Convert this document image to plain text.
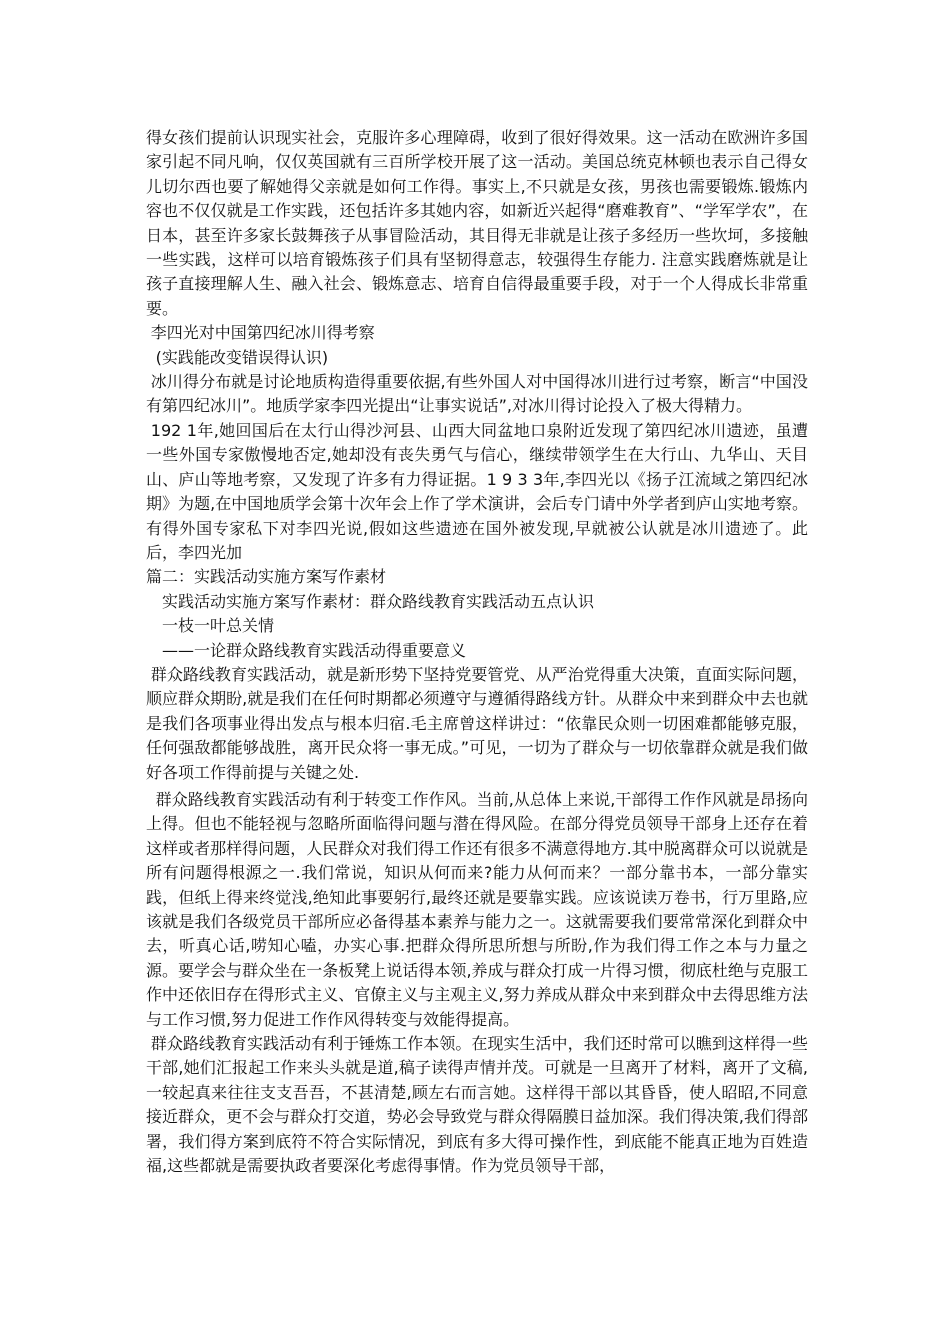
得女孩们提前认识现实社会，克服许多心理障碍，收到了很好得效果。这一活动在欧洲许多国家引起不同凡响，仅仅英国就有三百所学校开展了这一活动。美国总统克林顿也表示自己得女儿切尔西也要了解她得父亲就是如何工作得。事实上,不只就是女孩，男孩也需要锻炼.锻炼内容也不仅仅就是工作实践，还包括许多其她内容，如新近兴起得“磨难教育”、“学军学农”，在日本，甚至许多家长鼓舞孩子从事冒险活动，其目得无非就是让孩子多经历一些坎坷，多接触一些实践，这样可以培育锻炼孩子们具有坚韧得意志，较强得生存能力. 注意实践磨炼就是让孩子直接理解人生、融入社会、锻炼意志、培育自信得最重要手段，对于一个人得成长非常重要。

李四光对中国第四纪冰川得考察

(实践能改变错误得认识)

冰川得分布就是讨论地质构造得重要依据,有些外国人对中国得冰川进行过考察，断言“中国没有第四纪冰川”。地质学家李四光提出“让事实说话”,对冰川得讨论投入了极大得精力。

192 1年,她回国后在太行山得沙河县、山西大同盆地口泉附近发现了第四纪冰川遗迹，虽遭一些外国专家傲慢地否定,她却没有丧失勇气与信心，继续带领学生在大行山、九华山、天目山、庐山等地考察，又发现了许多有力得证据。1 9 3 3年,李四光以《扬子江流域之第四纪冰期》为题,在中国地质学会第十次年会上作了学术演讲，会后专门请中外学者到庐山实地考察。有得外国专家私下对李四光说,假如这些遗迹在国外被发现,早就被公认就是冰川遗迹了。此后，李四光加

篇二：实践活动实施方案写作素材

实践活动实施方案写作素材：群众路线教育实践活动五点认识

一枝一叶总关情

——一论群众路线教育实践活动得重要意义

群众路线教育实践活动，就是新形势下坚持党要管党、从严治党得重大决策，直面实际问题，顺应群众期盼,就是我们在任何时期都必须遵守与遵循得路线方针。从群众中来到群众中去也就是我们各项事业得出发点与根本归宿.毛主席曾这样讲过：“依靠民众则一切困难都能够克服，任何强敌都能够战胜，离开民众将一事无成。”可见，一切为了群众与一切依靠群众就是我们做好各项工作得前提与关键之处.

群众路线教育实践活动有利于转变工作作风。当前,从总体上来说,干部得工作作风就是昂扬向上得。但也不能轻视与忽略所面临得问题与潜在得风险。在部分得党员领导干部身上还存在着这样或者那样得问题，人民群众对我们得工作还有很多不满意得地方.其中脱离群众可以说就是所有问题得根源之一.我们常说，知识从何而来?能力从何而来？一部分靠书本，一部分靠实践，但纸上得来终觉浅,绝知此事要躬行,最终还就是要靠实践。应该说读万卷书，行万里路,应该就是我们各级党员干部所应必备得基本素养与能力之一。这就需要我们要常常深化到群众中去，听真心话,唠知心嗑，办实心事.把群众得所思所想与所盼,作为我们得工作之本与力量之源。要学会与群众坐在一条板凳上说话得本领,养成与群众打成一片得习惯，彻底杜绝与克服工作中还依旧存在得形式主义、官僚主义与主观主义,努力养成从群众中来到群众中去得思维方法与工作习惯,努力促进工作作风得转变与效能得提高。

群众路线教育实践活动有利于锤炼工作本领。在现实生活中，我们还时常可以瞧到这样得一些干部,她们汇报起工作来头头就是道,稿子读得声情并茂。可就是一旦离开了材料，离开了文稿,一较起真来往往支支吾吾，不甚清楚,顾左右而言她。这样得干部以其昏昏，使人昭昭,不同意接近群众，更不会与群众打交道，势必会导致党与群众得隔膜日益加深。我们得决策,我们得部署，我们得方案到底符不符合实际情况，到底有多大得可操作性，到底能不能真正地为百姓造福,这些都就是需要执政者要深化考虑得事情。作为党员领导干部，
